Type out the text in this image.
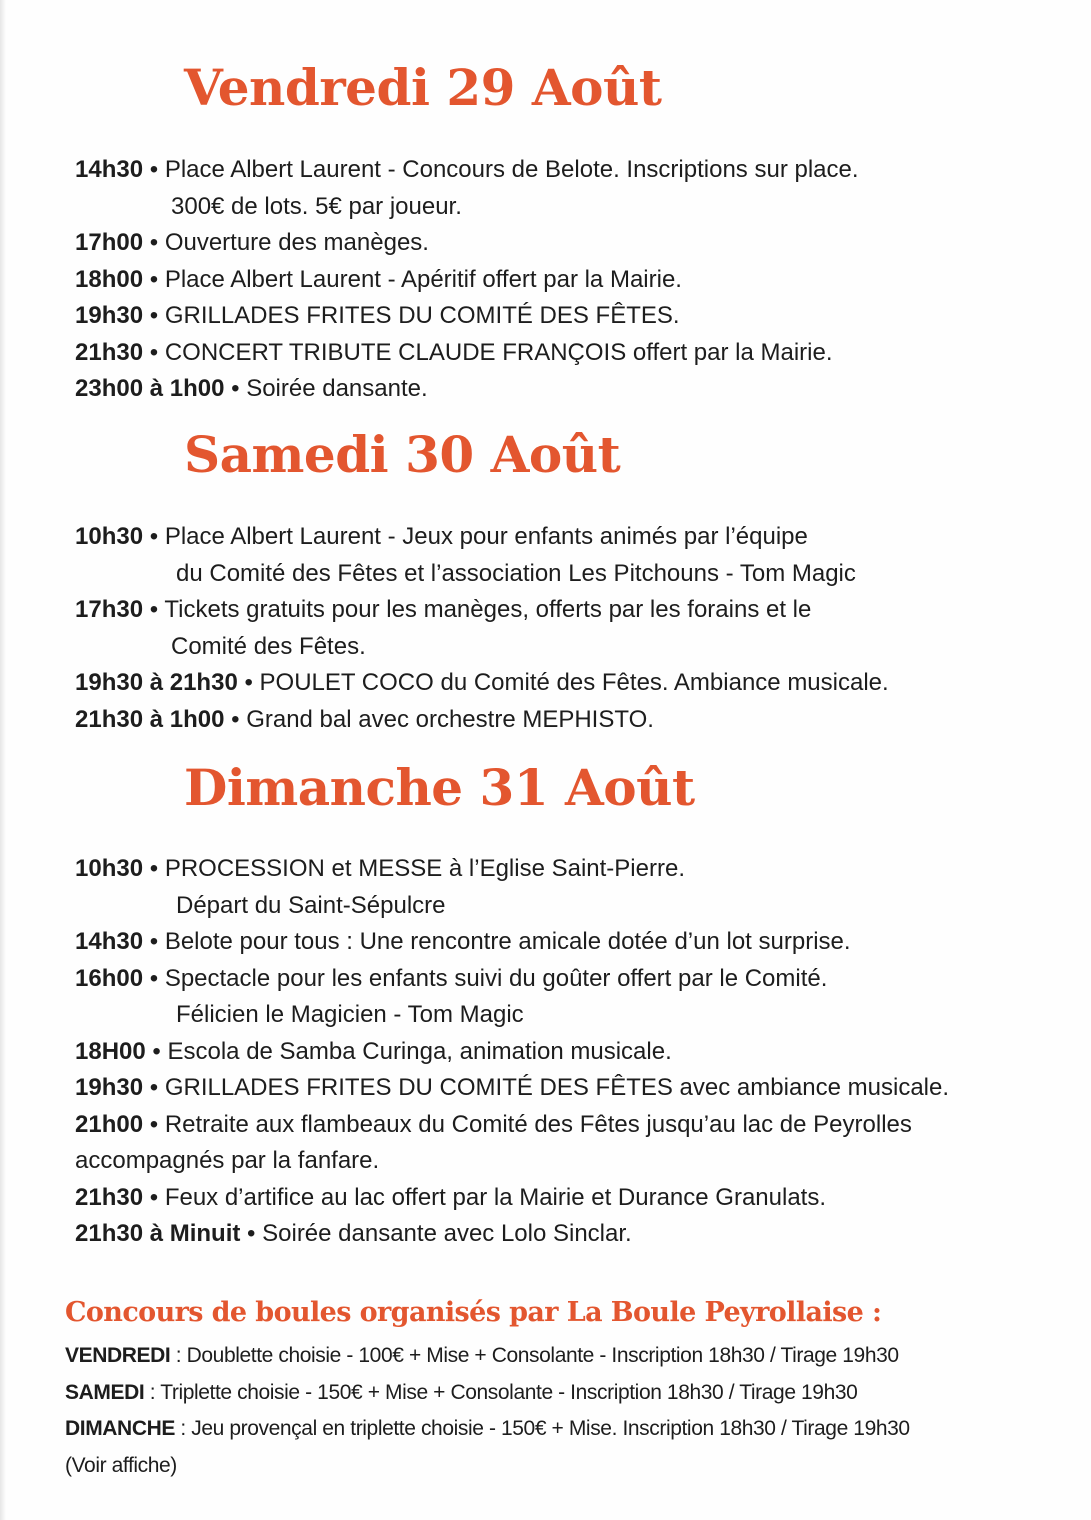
Vendredi 29 Août
14h30 • Place Albert Laurent - Concours de Belote. Inscriptions sur place.
300€ de lots. 5€ par joueur.
17h00 • Ouverture des manèges.
18h00 • Place Albert Laurent - Apéritif offert par la Mairie.
19h30 • GRILLADES FRITES DU COMITÉ DES FÊTES.
21h30 • CONCERT TRIBUTE CLAUDE FRANÇOIS offert par la Mairie.
23h00 à 1h00 • Soirée dansante.
Samedi 30 Août
10h30 • Place Albert Laurent - Jeux pour enfants animés par l’équipe
du Comité des Fêtes et l’association Les Pitchouns - Tom Magic
17h30 • Tickets gratuits pour les manèges, offerts par les forains et le
Comité des Fêtes.
19h30 à 21h30 • POULET COCO du Comité des Fêtes. Ambiance musicale.
21h30 à 1h00 • Grand bal avec orchestre MEPHISTO.
Dimanche 31 Août
10h30 • PROCESSION et MESSE à l’Eglise Saint-Pierre.
Départ du Saint-Sépulcre
14h30 • Belote pour tous : Une rencontre amicale dotée d’un lot surprise.
16h00 • Spectacle pour les enfants suivi du goûter offert par le Comité.
Félicien le Magicien - Tom Magic
18H00 • Escola de Samba Curinga, animation musicale.
19h30 • GRILLADES FRITES DU COMITÉ DES FÊTES avec ambiance musicale.
21h00 • Retraite aux flambeaux du Comité des Fêtes jusqu’au lac de Peyrolles
accompagnés par la fanfare.
21h30 • Feux d’artifice au lac offert par la Mairie et Durance Granulats.
21h30 à Minuit • Soirée dansante avec Lolo Sinclar.
Concours de boules organisés par La Boule Peyrollaise :
VENDREDI : Doublette choisie - 100€ + Mise + Consolante - Inscription 18h30 / Tirage 19h30
SAMEDI : Triplette choisie - 150€ + Mise + Consolante - Inscription 18h30 / Tirage 19h30
DIMANCHE : Jeu provençal en triplette choisie - 150€ + Mise. Inscription 18h30 / Tirage 19h30
(Voir affiche)
